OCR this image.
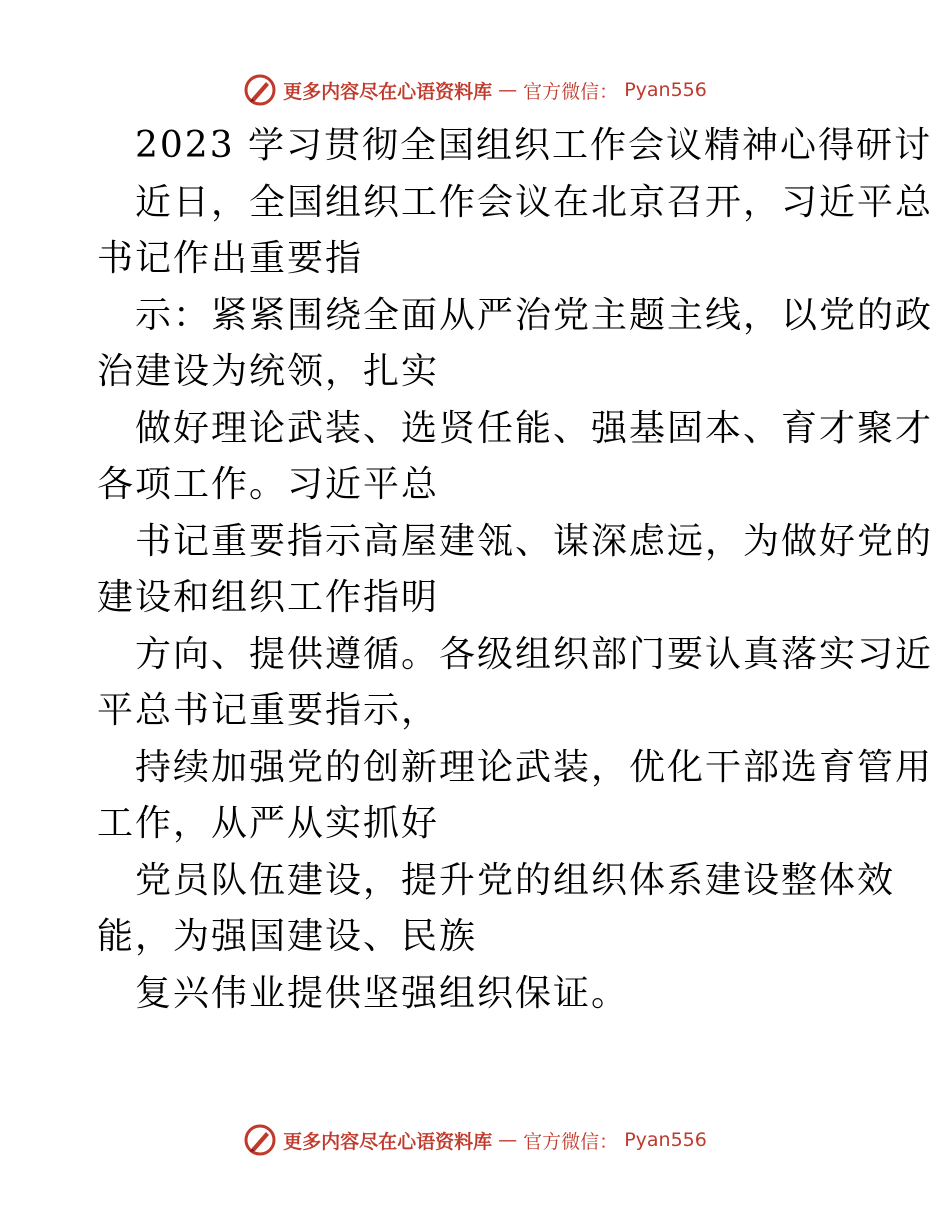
更多内容尽在心语资料库 — 官方微信： Pyan556
2023 学习贯彻全国组织工作会议精神心得研讨
近日，全国组织工作会议在北京召开，习近平总
书记作出重要指
示：紧紧围绕全面从严治党主题主线，以党的政
治建设为统领，扎实
做好理论武装、选贤任能、强基固本、育才聚才
各项工作。习近平总
书记重要指示高屋建瓴、谋深虑远，为做好党的
建设和组织工作指明
方向、提供遵循。各级组织部门要认真落实习近
平总书记重要指示，
持续加强党的创新理论武装，优化干部选育管用
工作，从严从实抓好
党员队伍建设，提升党的组织体系建设整体效
能，为强国建设、民族
复兴伟业提供坚强组织保证。
更多内容尽在心语资料库 — 官方微信： Pyan556
